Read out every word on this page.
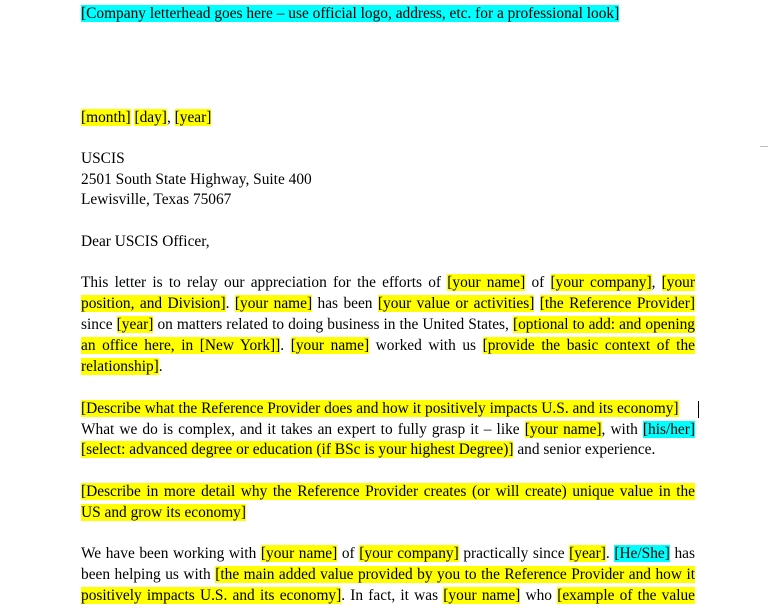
[Company letterhead goes here – use official logo, address, etc. for a professional look]
[month] [day], [year]
USCIS
2501 South State Highway, Suite 400
Lewisville, Texas 75067
Dear USCIS Officer,
This letter is to relay our appreciation for the efforts of [your name] of [your company], [your
position, and Division]. [your name] has been [your value or activities] [the Reference Provider]
since [year] on matters related to doing business in the United States, [optional to add: and opening
an office here, in [New York]]. [your name] worked with us [provide the basic context of the
relationship].
[Describe what the Reference Provider does and how it positively impacts U.S. and its economy]
What we do is complex, and it takes an expert to fully grasp it – like [your name], with [his/her]
[select: advanced degree or education (if BSc is your highest Degree)] and senior experience.
[Describe in more detail why the Reference Provider creates (or will create) unique value in the
US and grow its economy]
We have been working with [your name] of [your company] practically since [year]. [He/She] has
been helping us with [the main added value provided by you to the Reference Provider and how it
positively impacts U.S. and its economy]. In fact, it was [your name] who [example of the value
